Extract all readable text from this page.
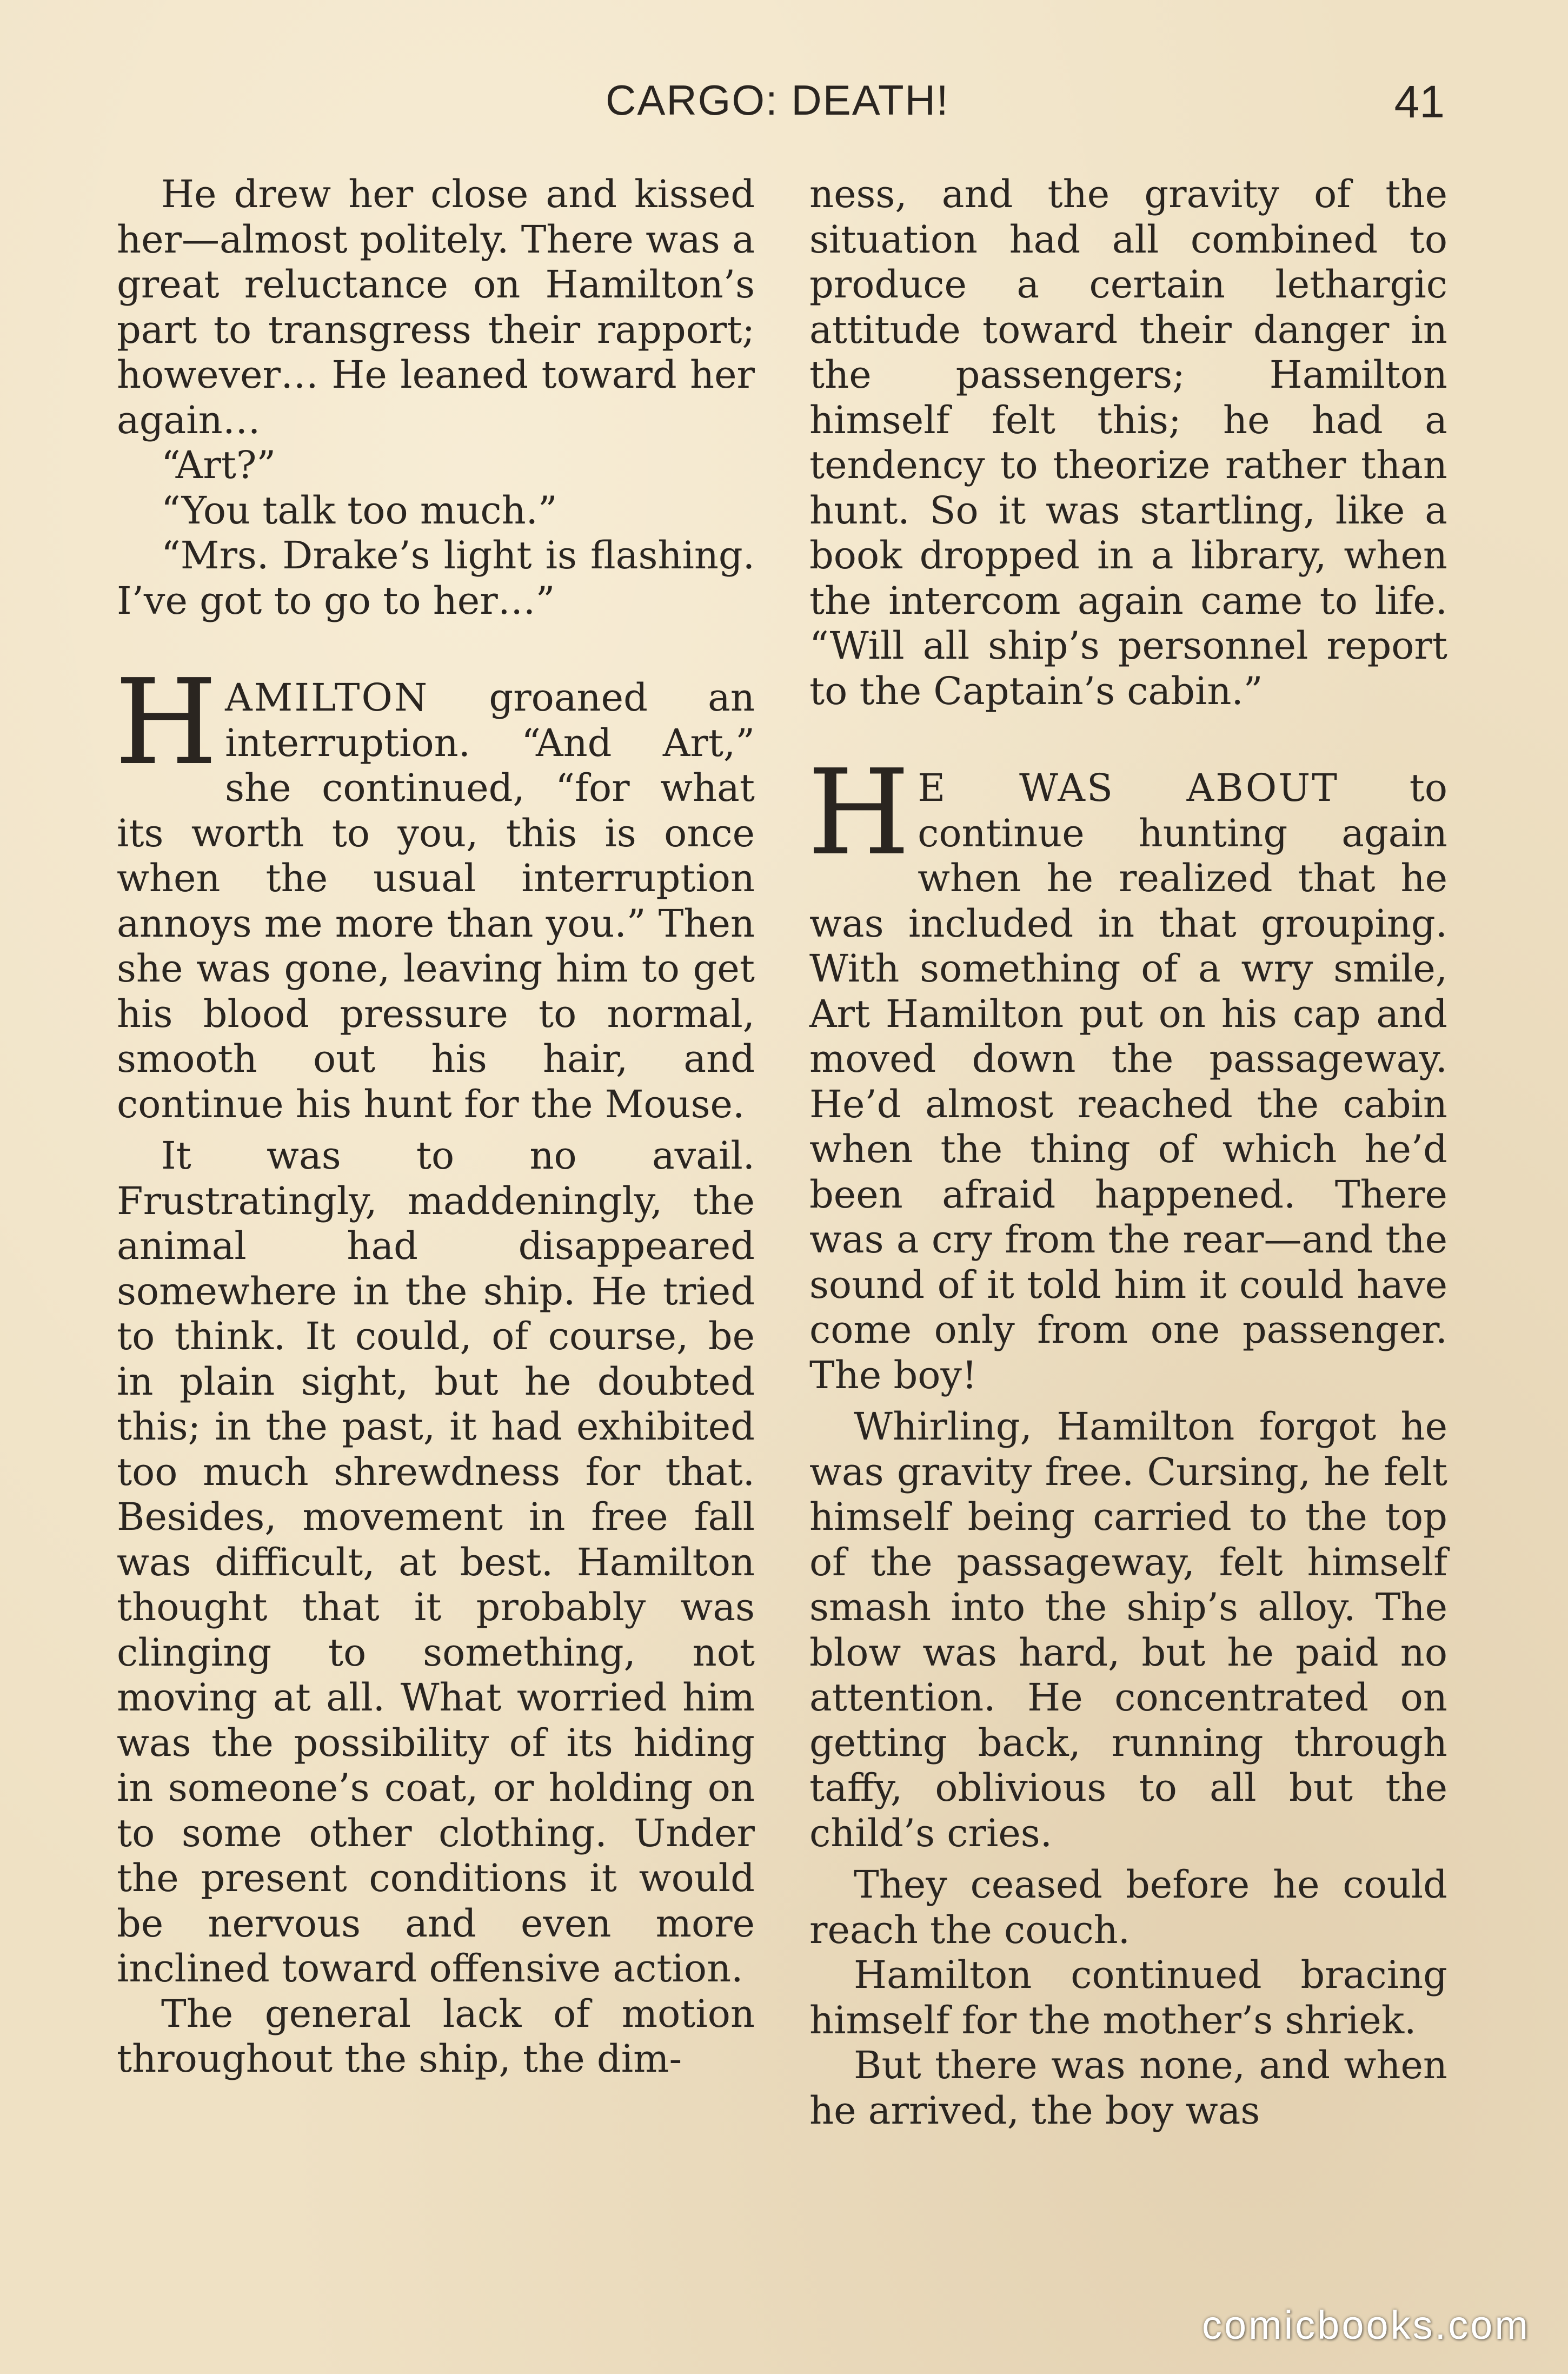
CARGO: DEATH!	41

He drew her close and kissed her—almost politely. There was a great reluctance on Hamilton’s part to transgress their rapport; however… He leaned toward her again…

“Art?”

“You talk too much.”

“Mrs. Drake’s light is flashing. I’ve got to go to her…”

HAMILTON groaned an interruption. “And Art,” she continued, “for what its worth to you, this is once when the usual interruption annoys me more than you.” Then she was gone, leaving him to get his blood pressure to normal, smooth out his hair, and continue his hunt for the Mouse.

It was to no avail. Frustratingly, maddeningly, the animal had disappeared somewhere in the ship. He tried to think. It could, of course, be in plain sight, but he doubted this; in the past, it had exhibited too much shrewdness for that. Besides, movement in free fall was difficult, at best. Hamilton thought that it probably was clinging to something, not moving at all. What worried him was the possibility of its hiding in someone’s coat, or holding on to some other clothing. Under the present conditions it would be nervous and even more inclined toward offensive action.

The general lack of motion throughout the ship, the dim-

ness, and the gravity of the situation had all combined to produce a certain lethargic attitude toward their danger in the passengers; Hamilton himself felt this; he had a tendency to theorize rather than hunt. So it was startling, like a book dropped in a library, when the intercom again came to life. “Will all ship’s personnel report to the Captain’s cabin.”

H E WAS ABOUT to continue hunting again when he realized that he was included in that grouping. With something of a wry smile, Art Hamilton put on his cap and moved down the passageway. He’d almost reached the cabin when the thing of which he’d been afraid happened. There was a cry from the rear—and the sound of it told him it could have come only from one passenger. The boy!

Whirling, Hamilton forgot he was gravity free. Cursing, he felt himself being carried to the top of the passageway, felt himself smash into the ship’s alloy. The blow was hard, but he paid no attention. He concentrated on getting back, running through taffy, oblivious to all but the child’s cries.

They ceased before he could reach the couch.

Hamilton continued bracing himself for the mother’s shriek.

But there was none, and when he arrived, the boy was

comicbooks.com
